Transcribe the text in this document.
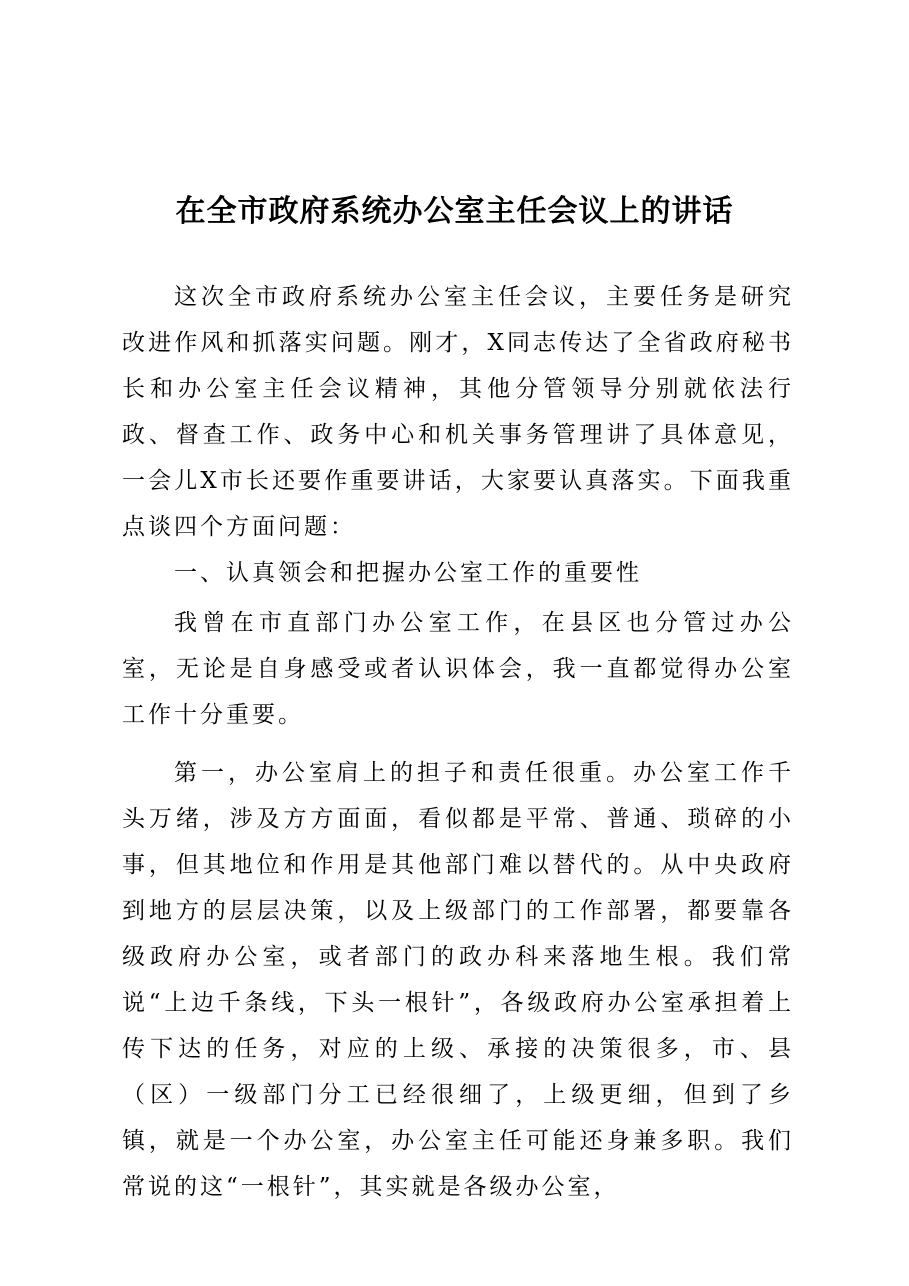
在全市政府系统办公室主任会议上的讲话

这次全市政府系统办公室主任会议，主要任务是研究改进作风和抓落实问题。刚才，X同志传达了全省政府秘书长和办公室主任会议精神，其他分管领导分别就依法行政、督查工作、政务中心和机关事务管理讲了具体意见，一会儿X市长还要作重要讲话，大家要认真落实。下面我重点谈四个方面问题：

一、认真领会和把握办公室工作的重要性

我曾在市直部门办公室工作，在县区也分管过办公室，无论是自身感受或者认识体会，我一直都觉得办公室工作十分重要。

第一，办公室肩上的担子和责任很重。办公室工作千头万绪，涉及方方面面，看似都是平常、普通、琐碎的小事，但其地位和作用是其他部门难以替代的。从中央政府到地方的层层决策，以及上级部门的工作部署，都要靠各级政府办公室，或者部门的政办科来落地生根。我们常说“上边千条线，下头一根针”，各级政府办公室承担着上传下达的任务，对应的上级、承接的决策很多，市、县（区）一级部门分工已经很细了，上级更细，但到了乡镇，就是一个办公室，办公室主任可能还身兼多职。我们常说的这“一根针”，其实就是各级办公室，
